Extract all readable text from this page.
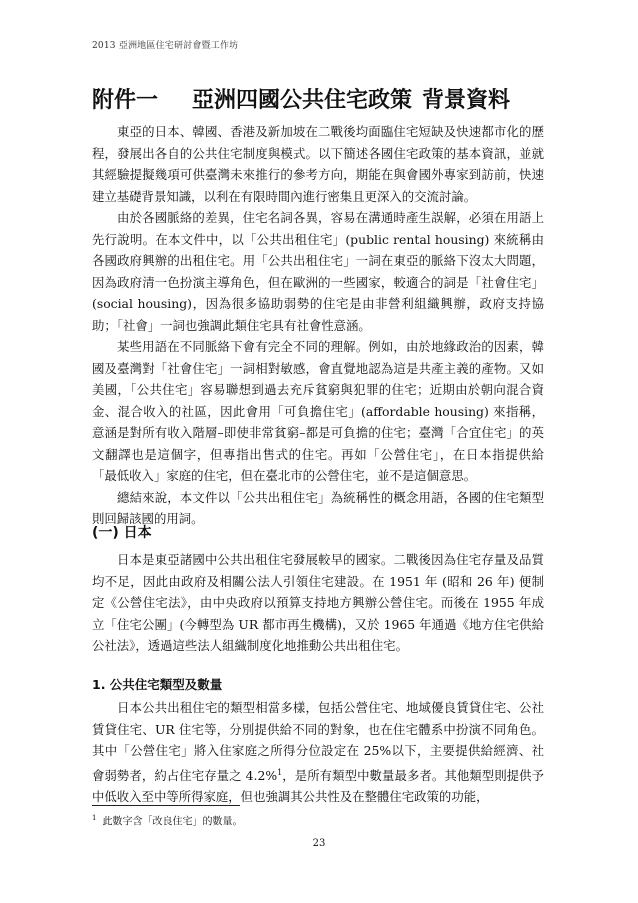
2013 亞洲地區住宅研討會暨工作坊
附件一 亞洲四國公共住宅政策 背景資料

東亞的日本、韓國、香港及新加坡在二戰後均面臨住宅短缺及快速都市化的歷程，發展出各自的公共住宅制度與模式。以下簡述各國住宅政策的基本資訊，並就其經驗提擬幾項可供臺灣未來推行的參考方向，期能在與會國外專家到訪前，快速建立基礎背景知識，以利在有限時間內進行密集且更深入的交流討論。

由於各國脈絡的差異，住宅名詞各異，容易在溝通時產生誤解，必須在用語上先行說明。在本文件中，以「公共出租住宅」(public rental housing) 來統稱由各國政府興辦的出租住宅。用「公共出租住宅」一詞在東亞的脈絡下沒太大問題，因為政府清一色扮演主導角色，但在歐洲的一些國家，較適合的詞是「社會住宅」(social housing)，因為很多協助弱勢的住宅是由非營利組織興辦，政府支持協助；「社會」一詞也強調此類住宅具有社會性意涵。

某些用語在不同脈絡下會有完全不同的理解。例如，由於地緣政治的因素，韓國及臺灣對「社會住宅」一詞相對敏感，會直覺地認為這是共產主義的產物。又如美國，「公共住宅」容易聯想到過去充斥貧窮與犯罪的住宅；近期由於朝向混合資金、混合收入的社區，因此會用「可負擔住宅」(affordable housing) 來指稱，意涵是對所有收入階層–即使非常貧窮–都是可負擔的住宅；臺灣「合宜住宅」的英文翻譯也是這個字，但專指出售式的住宅。再如「公營住宅」，在日本指提供給「最低收入」家庭的住宅，但在臺北市的公營住宅，並不是這個意思。

總結來說，本文件以「公共出租住宅」為統稱性的概念用語，各國的住宅類型則回歸該國的用詞。

(一) 日本

日本是東亞諸國中公共出租住宅發展較早的國家。二戰後因為住宅存量及品質均不足，因此由政府及相關公法人引領住宅建設。在 1951 年 (昭和 26 年) 便制定《公營住宅法》，由中央政府以預算支持地方興辦公營住宅。而後在 1955 年成立「住宅公團」(今轉型為 UR 都市再生機構)，又於 1965 年通過《地方住宅供給公社法》，透過這些法人組織制度化地推動公共出租住宅。

1. 公共住宅類型及數量

日本公共出租住宅的類型相當多樣，包括公營住宅、地域優良賃貸住宅、公社賃貸住宅、UR 住宅等，分別提供給不同的對象，也在住宅體系中扮演不同角色。其中「公營住宅」將入住家庭之所得分位設定在 25%以下，主要提供給經濟、社會弱勢者，約占住宅存量之 4.2%$^1$，是所有類型中數量最多者。其他類型則提供予中低收入至中等所得家庭，但也強調其公共性及在整體住宅政策的功能，

$^1$ 此數字含「改良住宅」的數量。
23
